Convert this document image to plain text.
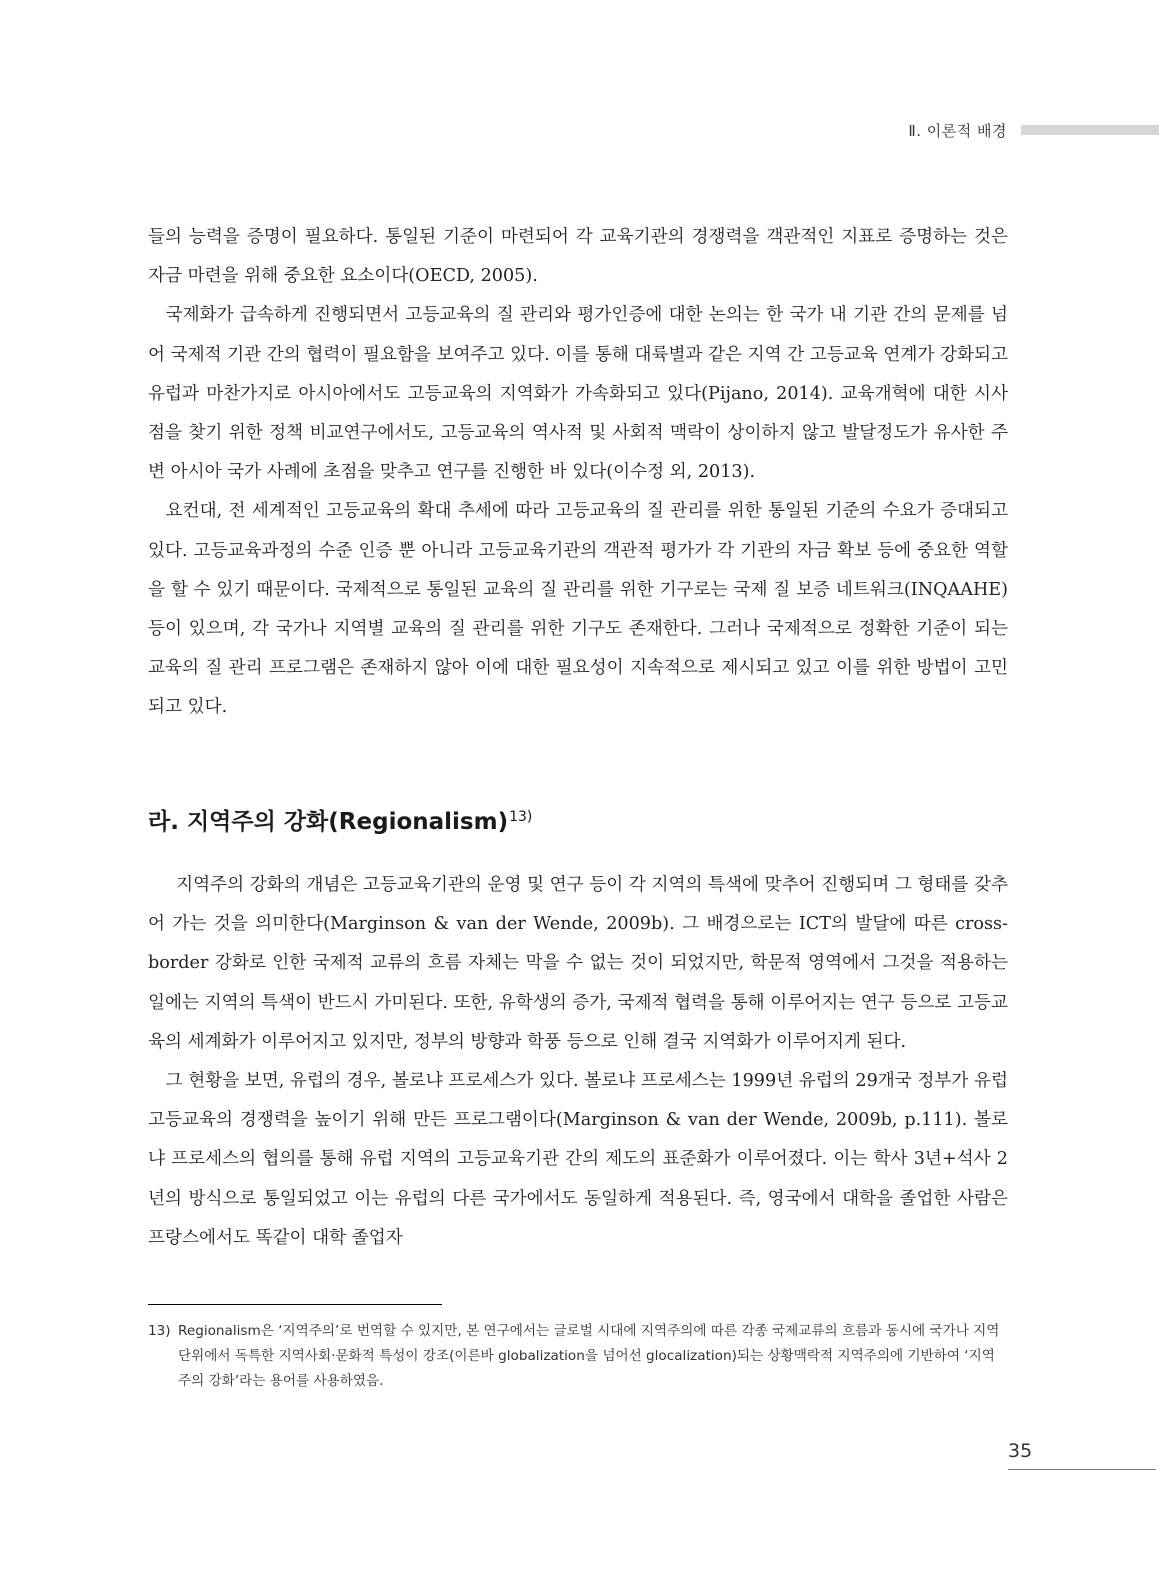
Ⅱ. 이론적 배경

들의 능력을 증명이 필요하다. 통일된 기준이 마련되어 각 교육기관의 경쟁력을 객관적인 지표로 증명하는 것은 자금 마련을 위해 중요한 요소이다(OECD, 2005).

국제화가 급속하게 진행되면서 고등교육의 질 관리와 평가인증에 대한 논의는 한 국가 내 기관 간의 문제를 넘어 국제적 기관 간의 협력이 필요함을 보여주고 있다. 이를 통해 대륙별과 같은 지역 간 고등교육 연계가 강화되고 유럽과 마찬가지로 아시아에서도 고등교육의 지역화가 가속화되고 있다(Pijano, 2014). 교육개혁에 대한 시사점을 찾기 위한 정책 비교연구에서도, 고등교육의 역사적 및 사회적 맥락이 상이하지 않고 발달정도가 유사한 주변 아시아 국가 사례에 초점을 맞추고 연구를 진행한 바 있다(이수정 외, 2013).

요컨대, 전 세계적인 고등교육의 확대 추세에 따라 고등교육의 질 관리를 위한 통일된 기준의 수요가 증대되고 있다. 고등교육과정의 수준 인증 뿐 아니라 고등교육기관의 객관적 평가가 각 기관의 자금 확보 등에 중요한 역할을 할 수 있기 때문이다. 국제적으로 통일된 교육의 질 관리를 위한 기구로는 국제 질 보증 네트워크(INQAAHE)등이 있으며, 각 국가나 지역별 교육의 질 관리를 위한 기구도 존재한다. 그러나 국제적으로 정확한 기준이 되는 교육의 질 관리 프로그램은 존재하지 않아 이에 대한 필요성이 지속적으로 제시되고 있고 이를 위한 방법이 고민되고 있다.

라. 지역주의 강화(Regionalism)$^{13)}$

지역주의 강화의 개념은 고등교육기관의 운영 및 연구 등이 각 지역의 특색에 맞추어 진행되며 그 형태를 갖추어 가는 것을 의미한다(Marginson & van der Wende, 2009b). 그 배경으로는 ICT의 발달에 따른 cross-border 강화로 인한 국제적 교류의 흐름 자체는 막을 수 없는 것이 되었지만, 학문적 영역에서 그것을 적용하는 일에는 지역의 특색이 반드시 가미된다. 또한, 유학생의 증가, 국제적 협력을 통해 이루어지는 연구 등으로 고등교육의 세계화가 이루어지고 있지만, 정부의 방향과 학풍 등으로 인해 결국 지역화가 이루어지게 된다.

그 현황을 보면, 유럽의 경우, 볼로냐 프로세스가 있다. 볼로냐 프로세스는 1999년 유럽의 29개국 정부가 유럽 고등교육의 경쟁력을 높이기 위해 만든 프로그램이다(Marginson & van der Wende, 2009b, p.111). 볼로냐 프로세스의 협의를 통해 유럽 지역의 고등교육기관 간의 제도의 표준화가 이루어졌다. 이는 학사 3년+석사 2년의 방식으로 통일되었고 이는 유럽의 다른 국가에서도 동일하게 적용된다. 즉, 영국에서 대학을 졸업한 사람은 프랑스에서도 똑같이 대학 졸업자

13) Regionalism은 ‘지역주의’로 번역할 수 있지만, 본 연구에서는 글로벌 시대에 지역주의에 따른 각종 국제교류의 흐름과 동시에 국가나 지역 단위에서 독특한 지역사회·문화적 특성이 강조(이른바 globalization을 넘어선 glocalization)되는 상황맥락적 지역주의에 기반하여 ‘지역주의 강화’라는 용어를 사용하였음.
35
